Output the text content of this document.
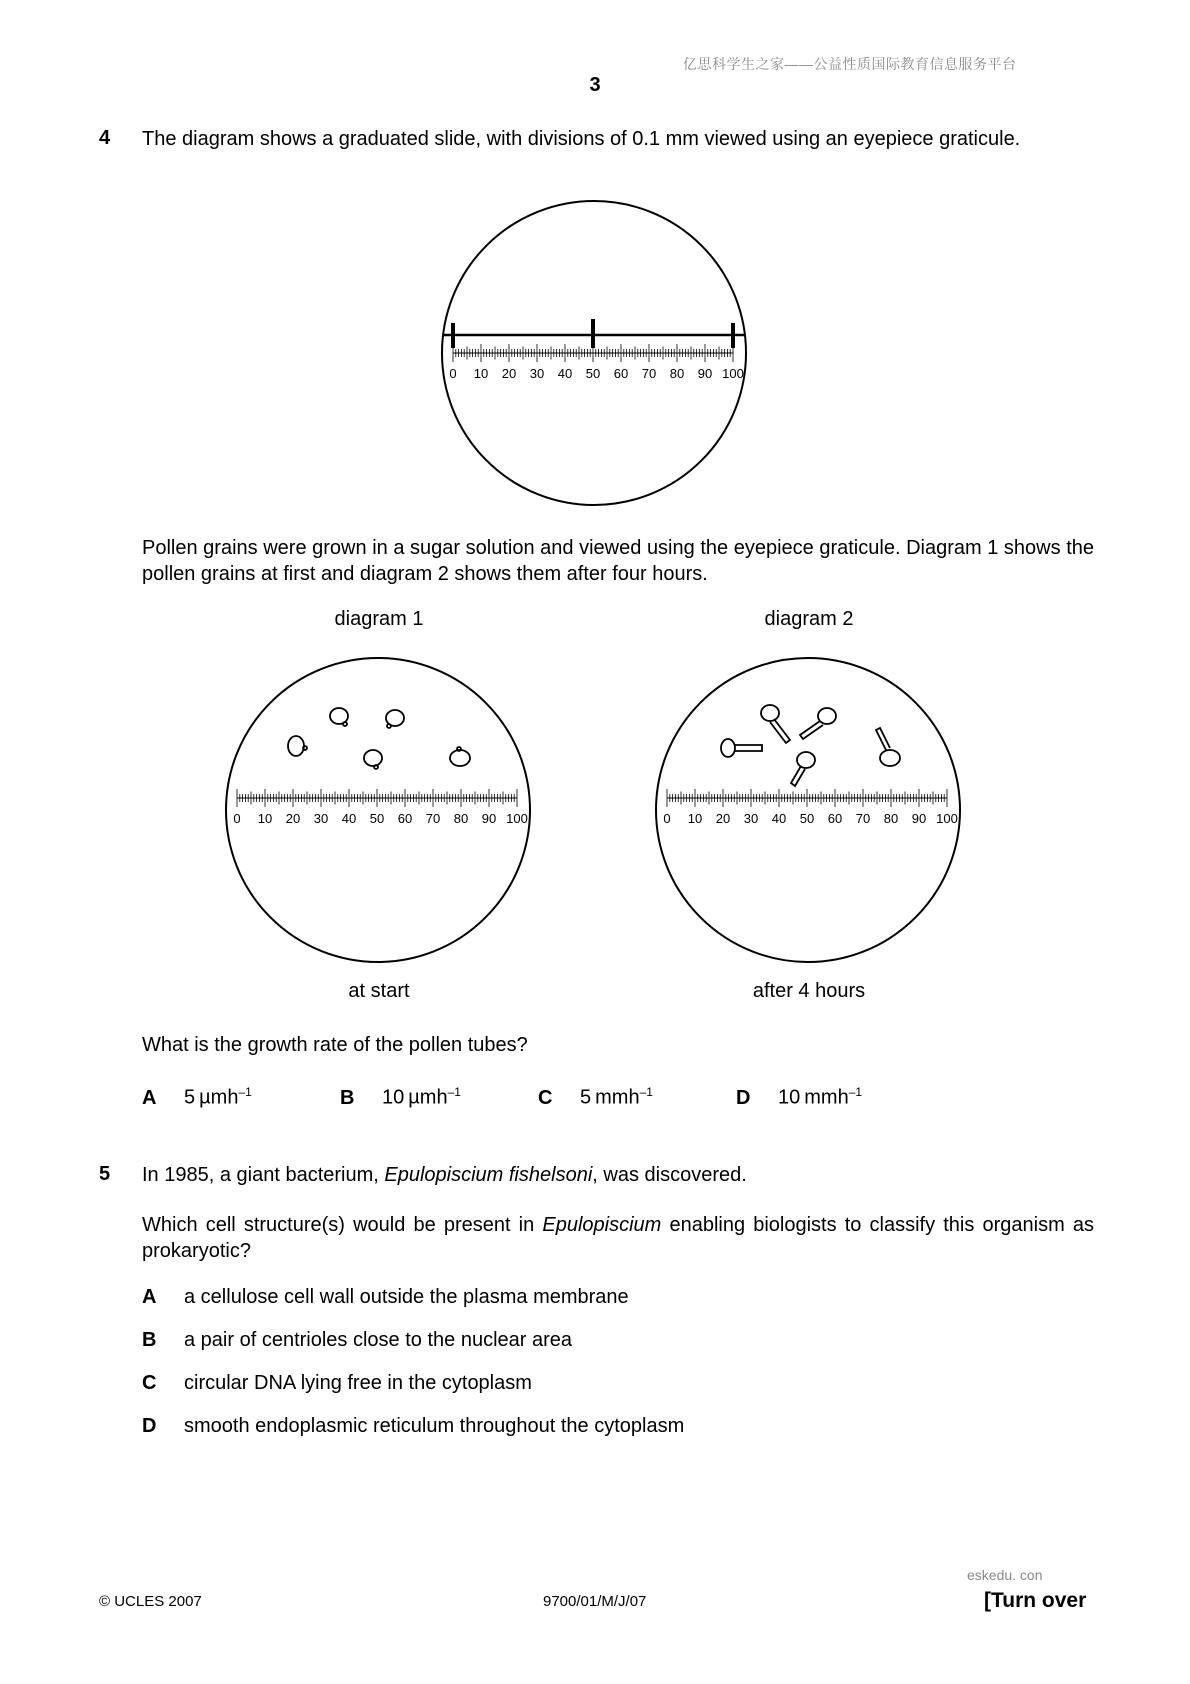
亿思科学生之家——公益性质国际教育信息服务平台
3
4 The diagram shows a graduated slide, with divisions of 0.1 mm viewed using an eyepiece graticule.
0 10 20 30 40 50 60 70 80 90 100
Pollen grains were grown in a sugar solution and viewed using the eyepiece graticule. Diagram 1 shows the pollen grains at first and diagram 2 shows them after four hours.
diagram 1	diagram 2
0 10 20 30 40 50 60 70 80 90 100	0 10 20 30 40 50 60 70 80 90 100
at start	after 4 hours
What is the growth rate of the pollen tubes?
A 5  µmh$^{-1}$	B 10  µmh$^{-1}$	C 5  mmh$^{-1}$	D 10  mmh$^{-1}$
5 In 1985, a giant bacterium, Epulopiscium fishelsoni, was discovered.
Which cell structure(s) would be present in Epulopiscium enabling biologists to classify this organism as prokaryotic?
A a cellulose cell wall outside the plasma membrane
B a pair of centrioles close to the nuclear area
C circular DNA lying free in the cytoplasm
D smooth endoplasmic reticulum throughout the cytoplasm
eskedu. con
© UCLES 2007	9700/01/M/J/07	[Turn over
